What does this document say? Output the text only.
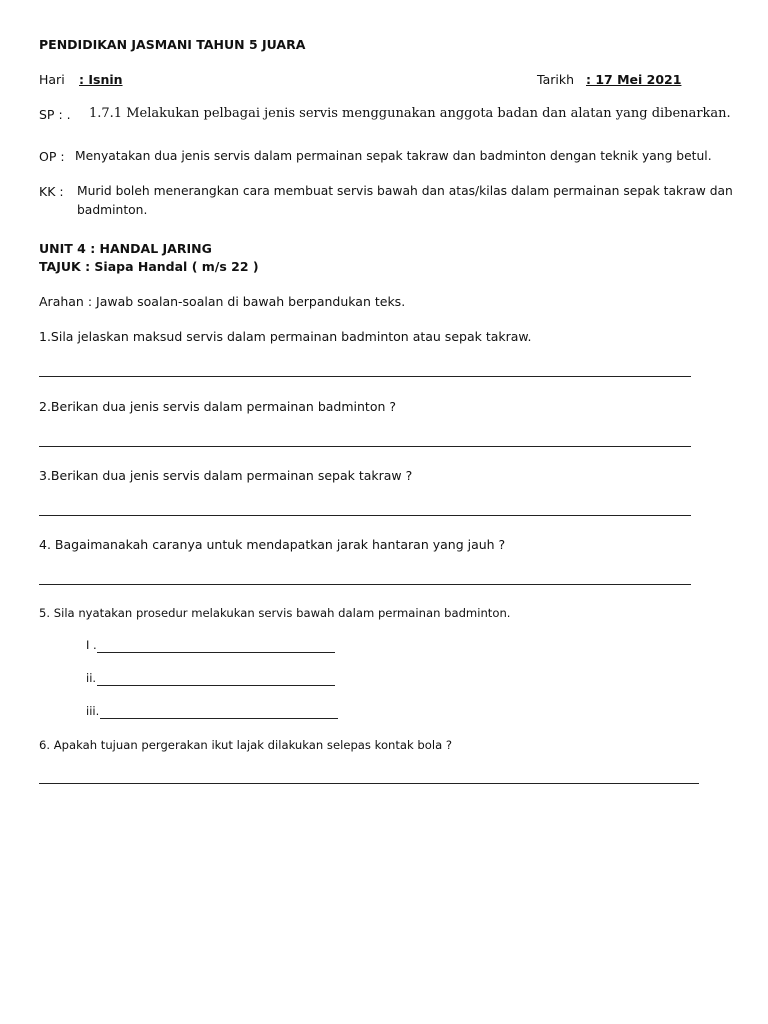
PENDIDIKAN JASMANI TAHUN 5 JUARA
Hari : Isnin	Tarikh : 17 Mei 2021
SP : . 1.7.1 Melakukan pelbagai jenis servis menggunakan anggota badan dan alatan yang dibenarkan.
OP : Menyatakan dua jenis servis dalam permainan sepak takraw dan badminton dengan teknik yang betul.
KK : Murid boleh menerangkan cara membuat servis bawah dan atas/kilas dalam permainan sepak takraw dan
badminton.
UNIT 4 : HANDAL JARING
TAJUK : Siapa Handal ( m/s 22 )
Arahan : Jawab soalan-soalan di bawah berpandukan teks.
1.Sila jelaskan maksud servis dalam permainan badminton atau sepak takraw.
2.Berikan dua jenis servis dalam permainan badminton ?
3.Berikan dua jenis servis dalam permainan sepak takraw ?
4. Bagaimanakah caranya untuk mendapatkan jarak hantaran yang jauh ?
5. Sila nyatakan prosedur melakukan servis bawah dalam permainan badminton.
I .
ii.
iii.
6. Apakah tujuan pergerakan ikut lajak dilakukan selepas kontak bola ?
